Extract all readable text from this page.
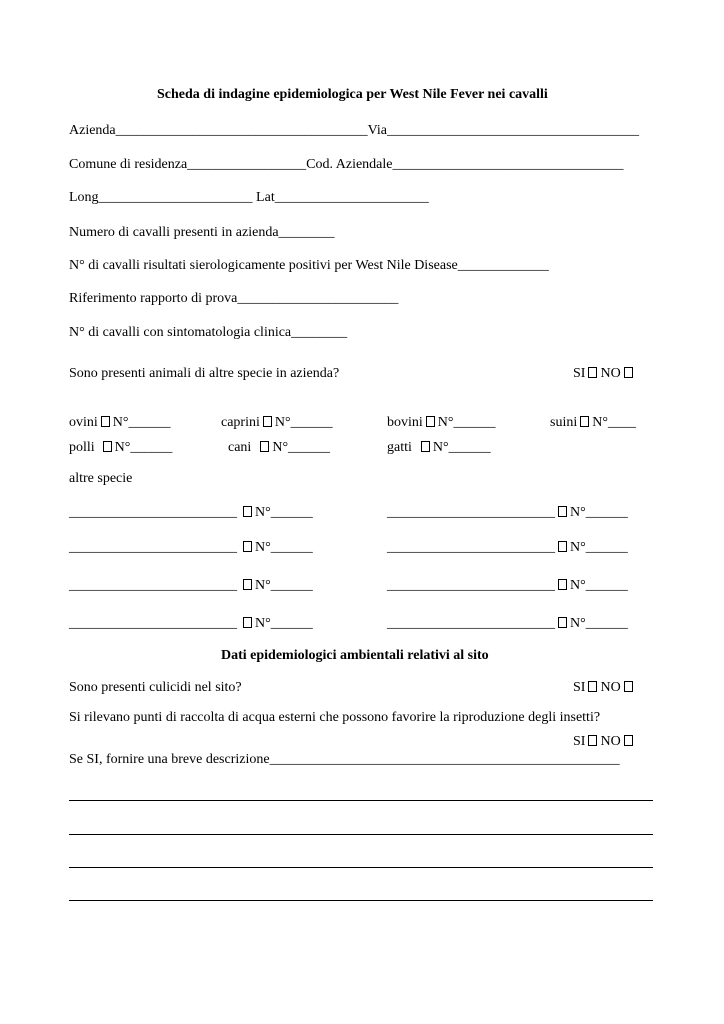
Scheda di indagine epidemiologica per West Nile Fever nei cavalli
Azienda____________________________________Via____________________________________
Comune di residenza_________________Cod. Aziendale_________________________________
Long______________________ Lat______________________
Numero di cavalli presenti in azienda________
N° di cavalli risultati sierologicamente positivi per West Nile Disease_____________
Riferimento rapporto di prova_______________________
N° di cavalli con sintomatologia clinica________
Sono presenti animali di altre specie in azienda?	SI NO
ovini N°______	caprini N°______	bovini N°______	suini N°____
polli N°______	cani N°______	gatti N°______
altre specie
________________________ N°______	________________________ N°______
________________________ N°______	________________________ N°______
________________________ N°______	________________________ N°______
________________________ N°______	________________________ N°______
Dati epidemiologici ambientali relativi al sito
Sono presenti culicidi nel sito?	SI NO
Si rilevano punti di raccolta di acqua esterni che possono favorire la riproduzione degli insetti?
SI NO
Se SI, fornire una breve descrizione__________________________________________________
